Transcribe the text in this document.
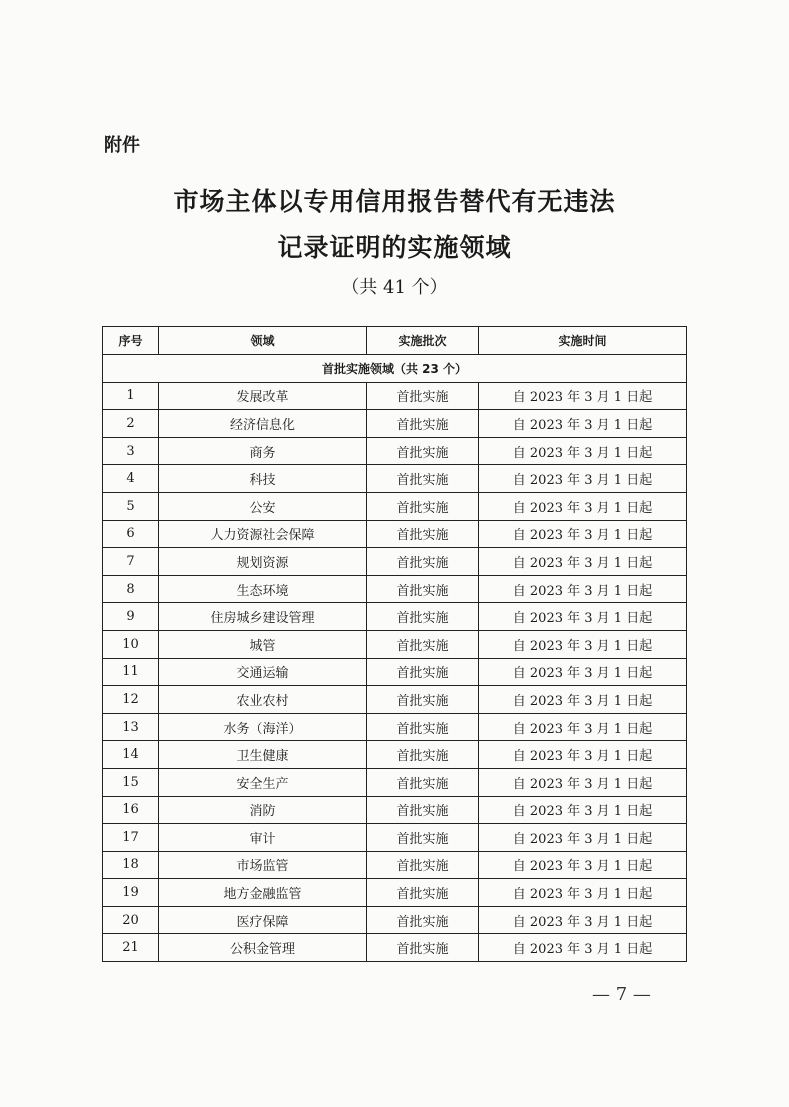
附件
市场主体以专用信用报告替代有无违法
记录证明的实施领域
（共 41 个）
序号	领域	实施批次	实施时间
首批实施领域（共 23 个）			
1	发展改革	首批实施	自 2023 年 3 月 1 日起
2	经济信息化	首批实施	自 2023 年 3 月 1 日起
3	商务	首批实施	自 2023 年 3 月 1 日起
4	科技	首批实施	自 2023 年 3 月 1 日起
5	公安	首批实施	自 2023 年 3 月 1 日起
6	人力资源社会保障	首批实施	自 2023 年 3 月 1 日起
7	规划资源	首批实施	自 2023 年 3 月 1 日起
8	生态环境	首批实施	自 2023 年 3 月 1 日起
9	住房城乡建设管理	首批实施	自 2023 年 3 月 1 日起
10	城管	首批实施	自 2023 年 3 月 1 日起
11	交通运输	首批实施	自 2023 年 3 月 1 日起
12	农业农村	首批实施	自 2023 年 3 月 1 日起
13	水务（海洋）	首批实施	自 2023 年 3 月 1 日起
14	卫生健康	首批实施	自 2023 年 3 月 1 日起
15	安全生产	首批实施	自 2023 年 3 月 1 日起
16	消防	首批实施	自 2023 年 3 月 1 日起
17	审计	首批实施	自 2023 年 3 月 1 日起
18	市场监管	首批实施	自 2023 年 3 月 1 日起
19	地方金融监管	首批实施	自 2023 年 3 月 1 日起
20	医疗保障	首批实施	自 2023 年 3 月 1 日起
21	公积金管理	首批实施	自 2023 年 3 月 1 日起
— 7 —
